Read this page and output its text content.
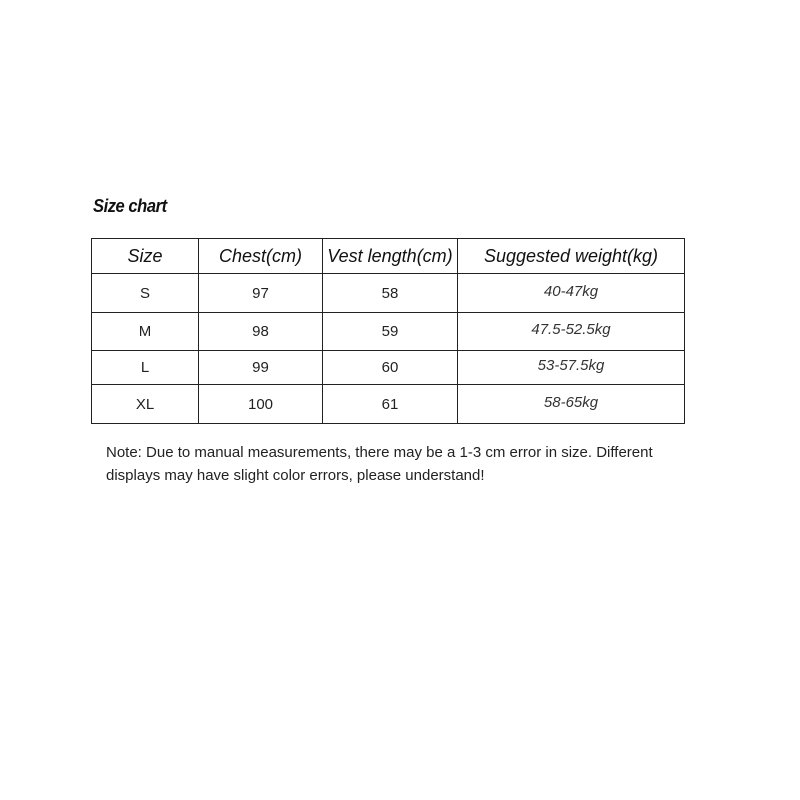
Size chart
Size	Chest(cm)	Vest length(cm)	Suggested weight(kg)
S	97	58	40-47kg
M	98	59	47.5-52.5kg
L	99	60	53-57.5kg
XL	100	61	58-65kg
Note: Due to manual measurements, there may be a 1-3 cm error in size. Different
displays may have slight color errors, please understand!
